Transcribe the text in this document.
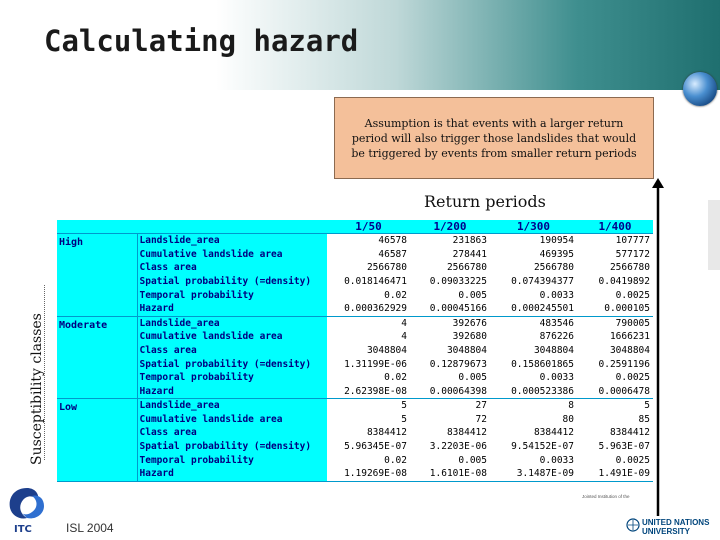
Calculating hazard
Assumption is that events with a larger return period will also trigger those landslides that would be triggered by events from smaller return periods
Return periods
Susceptibility classes
		1/50	1/200	1/300	1/400
High	Landslide_area	46578	231863	190954	107777
	Cumulative landslide area	46587	278441	469395	577172
	Class area	2566780	2566780	2566780	2566780
	Spatial probability (=density)	0.018146471	0.09033225	0.074394377	0.0419892
	Temporal probability	0.02	0.005	0.0033	0.0025
	Hazard	0.000362929	0.00045166	0.000245501	0.000105
Moderate	Landslide_area	4	392676	483546	790005
	Cumulative landslide area	4	392680	876226	1666231
	Class area	3048804	3048804	3048804	3048804
	Spatial probability (=density)	1.31199E-06	0.12879673	0.158601865	0.2591196
	Temporal probability	0.02	0.005	0.0033	0.0025
	Hazard	2.62398E-08	0.00064398	0.000523386	0.0006478
Low	Landslide_area	5	27	8	5
	Cumulative landslide area	5	72	80	85
	Class area	8384412	8384412	8384412	8384412
	Spatial probability (=density)	5.96345E-07	3.2203E-06	9.54152E-07	5.963E-07
	Temporal probability	0.02	0.005	0.0033	0.0025
	Hazard	1.19269E-08	1.6101E-08	3.1487E-09	1.491E-09
ITC	ISL 2004
Jointed Institution of the
UNITED NATIONS
UNIVERSITY
